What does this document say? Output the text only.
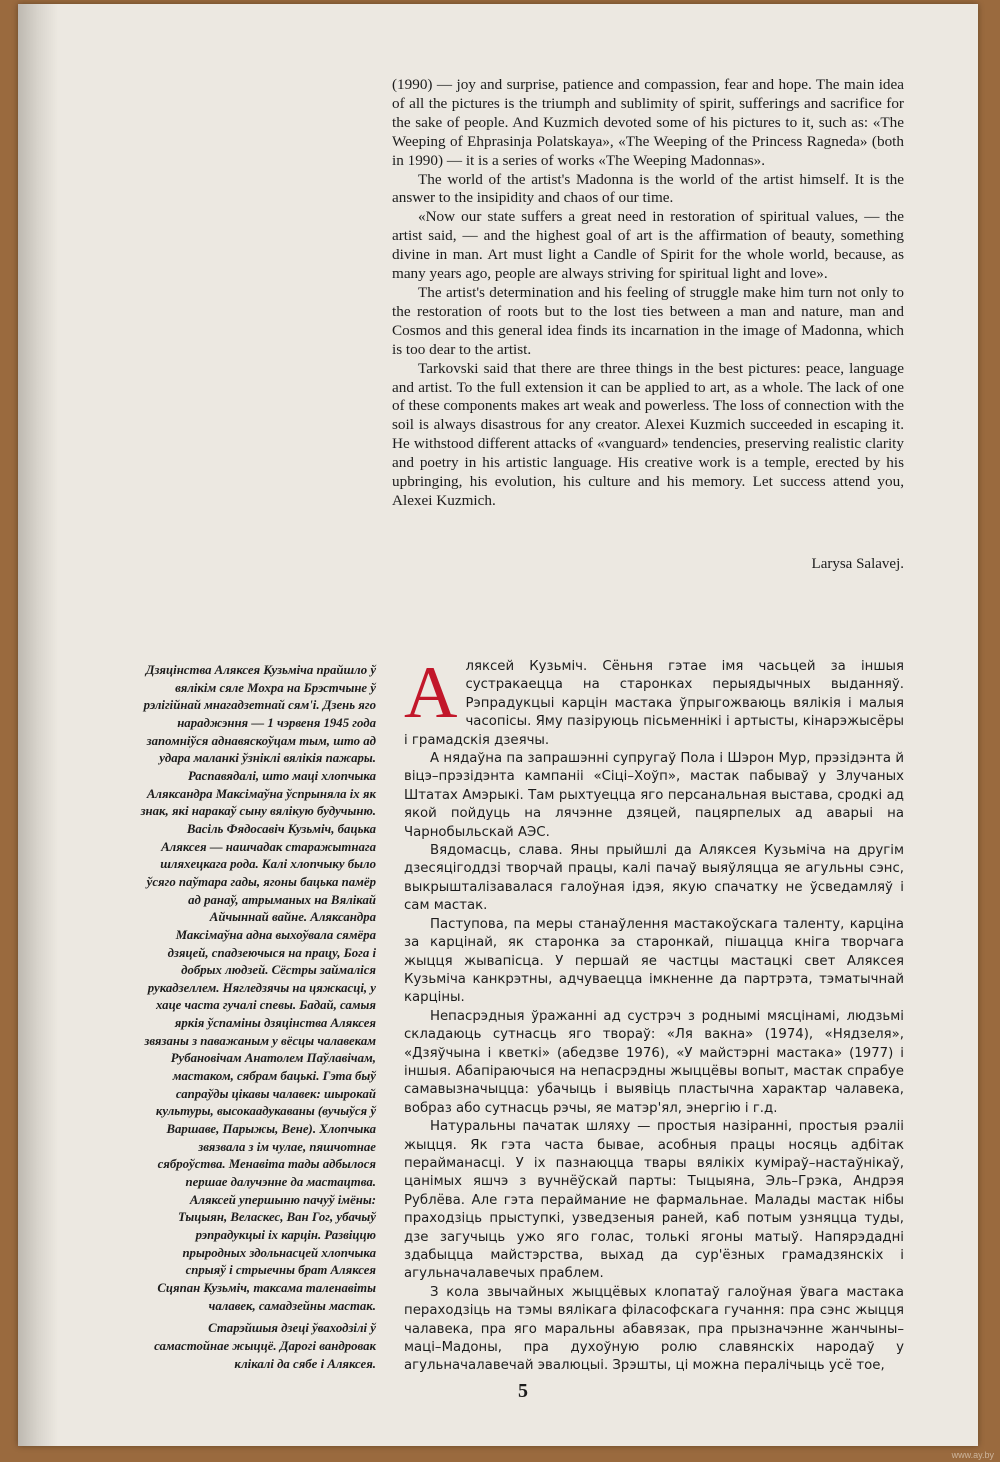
(1990) — joy and surprise, patience and compassion, fear and hope. The main idea of all the pictures is the triumph and sublimity of spirit, sufferings and sacrifice for the sake of people. And Kuzmich devoted some of his pictures to it, such as: «The Weeping of Ehprasinja Polatskaya», «The Weeping of the Princess Ragneda» (both in 1990) — it is a series of works «The Weeping Madonnas».

The world of the artist's Madonna is the world of the artist himself. It is the answer to the insipidity and chaos of our time.

«Now our state suffers a great need in restoration of spiritual values, — the artist said, — and the highest goal of art is the affirmation of beauty, something divine in man. Art must light a Candle of Spirit for the whole world, because, as many years ago, people are always striving for spiritual light and love».

The artist's determination and his feeling of struggle make him turn not only to the restoration of roots but to the lost ties between a man and nature, man and Cosmos and this general idea finds its incarnation in the image of Madonna, which is too dear to the artist.

Tarkovski said that there are three things in the best pictures: peace, language and artist. To the full extension it can be applied to art, as a whole. The lack of one of these components makes art weak and powerless. The loss of connection with the soil is always disastrous for any creator. Alexei Kuzmich succeeded in escaping it. He withstood different attacks of «vanguard» tendencies, preserving realistic clarity and poetry in his artistic language. His creative work is a temple, erected by his upbringing, his evolution, his culture and his memory. Let success attend you, Alexei Kuzmich.

Larysa Salavej.

Дзяцінства Аляксея Кузьміча прайшло ў вялікім сяле Мохра на Брэстчыне ў рэлігійнай мнагадзетнай сям'і. Дзень яго нараджэння — 1 чэрвеня 1945 года запомніўся аднавяскоўцам тым, што ад удара маланкі ўзнiклi вялікія пажары. Распавядалі, што маці хлопчыка Аляксандра Максімаўна ўспрыняла іх як знак, які наракаў сыну вялікую будучыню. Васіль Фядосавіч Кузьміч, бацька Аляксея — нашчадак старажытнага шляхецкага рода. Калі хлопчыку было ўсяго паўтара гады, ягоны бацька памёр ад ранаў, атрыманых на Вялікай Айчыннай вайне. Аляксандра Максімаўна адна выхоўвала сямёра дзяцей, спадзеючыся на працу, Бога і добрых людзей. Сёстры займаліся рукадзеллем. Нягледзячы на цяжкасці, у хаце часта гучалі спевы. Бадай, самыя яркія ўспаміны дзяцінства Аляксея звязаны з паважаным у вёсцы чалавекам Рубановічам Анатолем Паўлавічам, мастаком, сябрам бацькі. Гэта быў сапраўды цікавы чалавек: шырокай культуры, высокаадукаваны (вучыўся ў Варшаве, Парыжы, Вене). Хлопчыка звязвала з ім чулае, пяшчотнае сяброўства. Менавіта тады адбылося першае далучэнне да мастацтва. Аляксей упершыню пачуў імёны: Тыцыян, Веласкес, Ван Гог, убачыў рэпрадукцыі іх карцін. Развіццю прыродных здольнасцей хлопчыка спрыяў і стрыечны брат Аляксея Сцяпан Кузьміч, таксама таленавіты чалавек, самадзейны мастак.

Старэйшыя дзеці ўваходзілі ў самастойнае жыццё. Дарогі вандровак клікалі да сябе і Аляксея.

Аляксей Кузьміч. Сёньня гэтае імя часьцей за іншыя сустракаецца на старонках перыядычных выданняў. Рэпрадукцыі карцін мастака ўпрыгожваюць вялікія і малыя часопісы. Яму пазіруюць пісьменнікі і артысты, кінарэжысёры і грамадскія дзеячы.

А нядаўна па запрашэнні супругаў Пола і Шэрон Мур, прэзідэнта й віцэ–прэзідэнта кампаніі «Сіці–Хоўп», мастак пабываў у Злучаных Штатах Амэрыкі. Там рыхтуецца яго персанальная выстава, сродкі ад якой пойдуць на лячэнне дзяцей, пацярпелых ад аварыі на Чарнобыльскай АЭС.

Вядомасць, слава. Яны прыйшлі да Аляксея Кузьміча на другім дзесяцігоддзі творчай працы, калі пачаў выяўляцца яе агульны сэнс, выкрышталізавалася галоўная ідэя, якую спачатку не ўсведамляў і сам мастак.

Паступова, па меры станаўлення мастакоўскага таленту, карціна за карцінай, як старонка за старонкай, пішацца кніга творчага жыцця жывапісца. У першай яе частцы мастацкі свет Аляксея Кузьміча канкрэтны, адчуваецца імкненне да партрэта, тэматычнай карціны.

Непасрэдныя ўражанні ад сустрэч з роднымі мясцінамі, людзьмі складаюць сутнасць яго твораў: «Ля вакна» (1974), «Нядзеля», «Дзяўчына і кветкі» (абедзве 1976), «У майстэрні мастака» (1977) і іншыя. Абапіраючыся на непасрэдны жыццёвы вопыт, мастак спрабуе самавызначыцца: убачыць і выявіць пластычна характар чалавека, вобраз або сутнасць рэчы, яе матэр'ял, энергію і г.д.

Натуральны пачатак шляху — простыя назіранні, простыя рэаліі жыцця. Як гэта часта бывае, асобныя працы носяць адбітак перайманасці. У іх пазнаюцца твары вялікіх куміраў–настаўнікаў, цанімых яшчэ з вучнёўскай парты: Тыцыяна, Эль–Грэка, Андрэя Рублёва. Але гэта пераймание не фармальнае. Малады мастак нібы праходзіць прыступкі, узведзеныя раней, каб потым узняцца туды, дзе загучыць ужо яго голас, толькі ягоны матыў. Напярэдадні здабыцца майстэрства, выхад да сур'ёзных грамадзянскіх і агульначалавечых праблем.

З кола звычайных жыццёвых клопатаў галоўная ўвага мастака пераходзіць на тэмы вялікага філасофскага гучання: пра сэнс жыцця чалавека, пра яго маральны абавязак, пра прызначэнне жанчыны–маці–Мадоны, пра духоўную ролю славянскіх народаў у агульначалавечай эвалюцыі. Зрэшты, ці можна пералічыць усё тое,

5

www.ay.by
